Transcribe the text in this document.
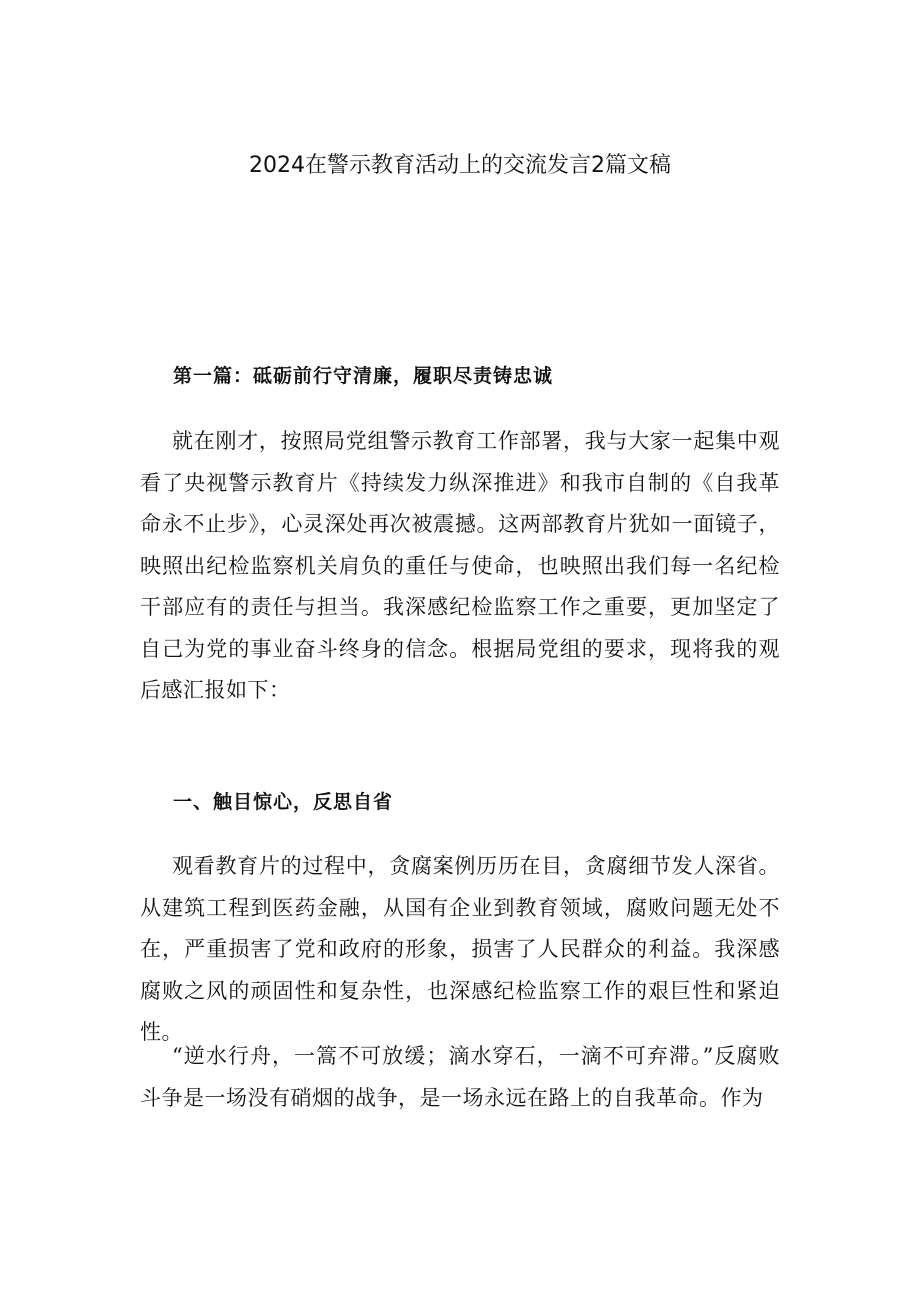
2024在警示教育活动上的交流发言2篇文稿
第一篇：砥砺前行守清廉，履职尽责铸忠诚
就在刚才，按照局党组警示教育工作部署，我与大家一起集中观看了央视警示教育片《持续发力纵深推进》和我市自制的《自我革命永不止步》，心灵深处再次被震撼。这两部教育片犹如一面镜子，映照出纪检监察机关肩负的重任与使命，也映照出我们每一名纪检干部应有的责任与担当。我深感纪检监察工作之重要，更加坚定了自己为党的事业奋斗终身的信念。根据局党组的要求，现将我的观后感汇报如下：
一、触目惊心，反思自省
观看教育片的过程中，贪腐案例历历在目，贪腐细节发人深省。从建筑工程到医药金融，从国有企业到教育领域，腐败问题无处不在，严重损害了党和政府的形象，损害了人民群众的利益。我深感腐败之风的顽固性和复杂性，也深感纪检监察工作的艰巨性和紧迫性。
“逆水行舟，一篙不可放缓；滴水穿石，一滴不可弃滞。”反腐败斗争是一场没有硝烟的战争，是一场永远在路上的自我革命。作为
